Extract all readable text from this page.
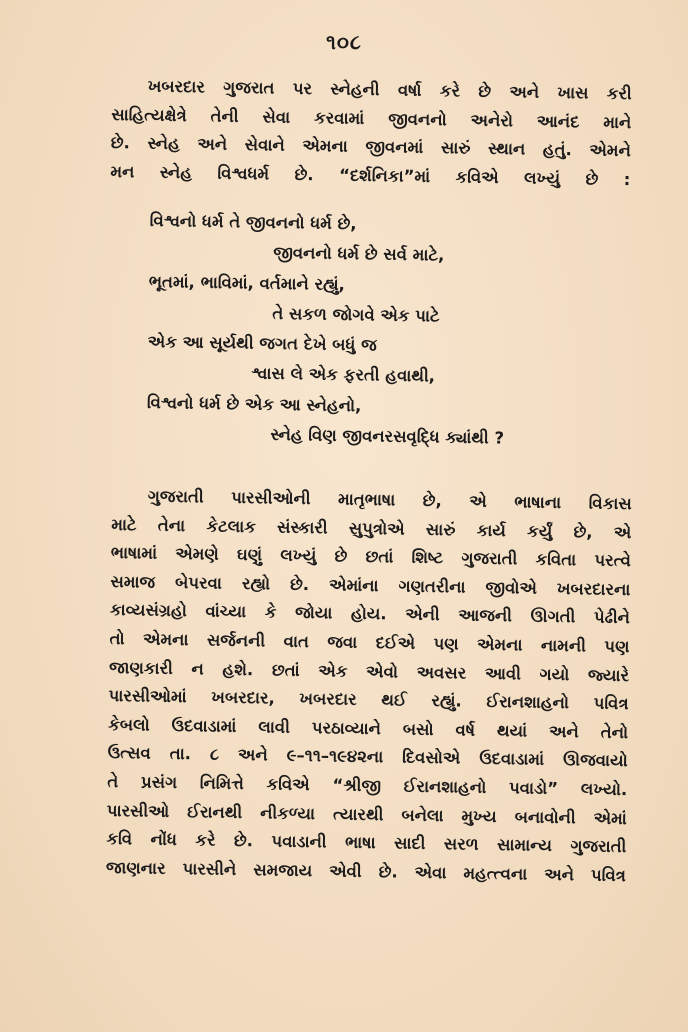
૧૦૮

ખબરદાર ગુજરાત પર સ્નેહની વર્ષા કરે છે અને ખાસ કરી

સાહિત્યક્ષેત્રે તેની સેવા કરવામાં જીવનનો અનેરો આનંદ માને

છે. સ્નેહ અને સેવાને એમના જીવનમાં સારું સ્થાન હતું. એમને

મન સ્નેહ વિશ્વધર્મ છે. “દર્શનિકા”માં કવિએ લખ્યું છે :

વિશ્વનો ધર્મ તે જીવનનો ધર્મ છે,

જીવનનો ધર્મ છે સર્વ માટે,

ભૂતમાં, ભાવિમાં, વર્તમાને રહ્યું,

તે સકળ જોગવે એક પાટે

એક આ સૂર્યથી જગત દેખે બધું જ

શ્વાસ લે એક ફરતી હવાથી,

વિશ્વનો ધર્મ છે એક આ સ્નેહનો,

સ્નેહ વિણ જીવનરસવૃદ્ધિ ક્યાંથી ?

ગુજરાતી પારસીઓની માતૃભાષા છે, એ ભાષાના વિકાસ

માટે તેના કેટલાક સંસ્કારી સુપુત્રોએ સારું કાર્ય કર્યું છે, એ

ભાષામાં એમણે ઘણું લખ્યું છે છતાં શિષ્ટ ગુજરાતી કવિતા પરત્વે

સમાજ બેપરવા રહ્યો છે. એમાંના ગણતરીના જીવોએ ખબરદારના

કાવ્યસંગ્રહો વાંચ્યા કે જોયા હોય. એની આજની ઊગતી પેઢીને

તો એમના સર્જનની વાત જવા દઈએ પણ એમના નામની પણ

જાણકારી ન હશે. છતાં એક એવો અવસર આવી ગયો જ્યારે

પારસીઓમાં ખબરદાર, ખબરદાર થઈ રહ્યું. ઈરાનશાહનો પવિત્ર

કેબલો ઉદવાડામાં લાવી પરઠાવ્યાને બસો વર્ષ થયાં અને તેનો

ઉત્સવ તા. ૮ અને ૯–૧૧–૧૯૪૨ના દિવસોએ ઉદવાડામાં ઊજવાયો

તે પ્રસંગ નિમિત્તે કવિએ “શ્રીજી ઈરાનશાહનો પવાડો” લખ્યો.

પારસીઓ ઈરાનથી નીકળ્યા ત્યારથી બનેલા મુખ્ય બનાવોની એમાં

કવિ નોંધ કરે છે. પવાડાની ભાષા સાદી સરળ સામાન્ય ગુજરાતી

જાણનાર પારસીને સમજાય એવી છે. એવા મહત્ત્વના અને પવિત્ર
